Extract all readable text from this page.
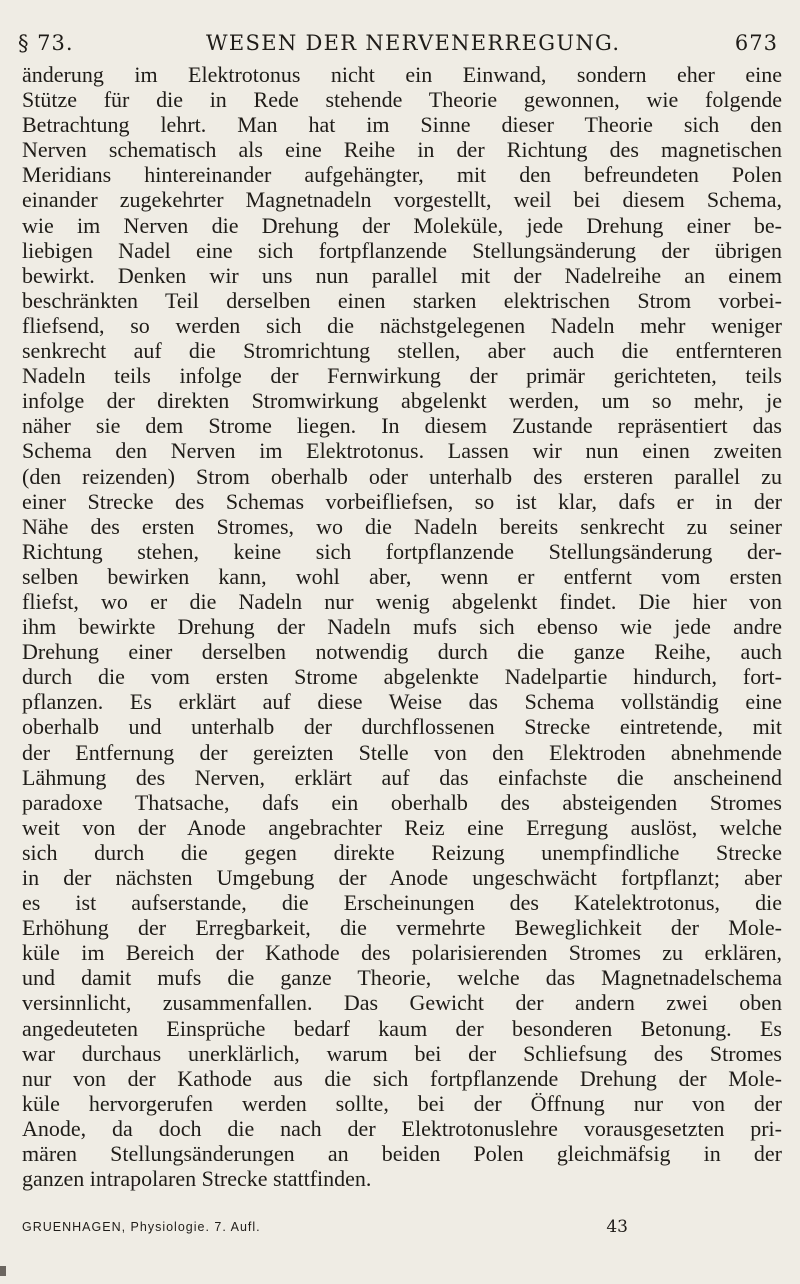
§ 73.	WESEN DER NERVENERREGUNG.	673
änderung im Elektrotonus nicht ein Einwand, sondern eher eine
Stütze für die in Rede stehende Theorie gewonnen, wie folgende
Betrachtung lehrt. Man hat im Sinne dieser Theorie sich den
Nerven schematisch als eine Reihe in der Richtung des magnetischen
Meridians hintereinander aufgehängter, mit den befreundeten Polen
einander zugekehrter Magnetnadeln vorgestellt, weil bei diesem Schema,
wie im Nerven die Drehung der Moleküle, jede Drehung einer be-
liebigen Nadel eine sich fortpflanzende Stellungsänderung der übrigen
bewirkt. Denken wir uns nun parallel mit der Nadelreihe an einem
beschränkten Teil derselben einen starken elektrischen Strom vorbei-
fliefsend, so werden sich die nächstgelegenen Nadeln mehr weniger
senkrecht auf die Stromrichtung stellen, aber auch die entfernteren
Nadeln teils infolge der Fernwirkung der primär gerichteten, teils
infolge der direkten Stromwirkung abgelenkt werden, um so mehr, je
näher sie dem Strome liegen. In diesem Zustande repräsentiert das
Schema den Nerven im Elektrotonus. Lassen wir nun einen zweiten
(den reizenden) Strom oberhalb oder unterhalb des ersteren parallel zu
einer Strecke des Schemas vorbeifliefsen, so ist klar, dafs er in der
Nähe des ersten Stromes, wo die Nadeln bereits senkrecht zu seiner
Richtung stehen, keine sich fortpflanzende Stellungsänderung der-
selben bewirken kann, wohl aber, wenn er entfernt vom ersten
fliefst, wo er die Nadeln nur wenig abgelenkt findet. Die hier von
ihm bewirkte Drehung der Nadeln mufs sich ebenso wie jede andre
Drehung einer derselben notwendig durch die ganze Reihe, auch
durch die vom ersten Strome abgelenkte Nadelpartie hindurch, fort-
pflanzen. Es erklärt auf diese Weise das Schema vollständig eine
oberhalb und unterhalb der durchflossenen Strecke eintretende, mit
der Entfernung der gereizten Stelle von den Elektroden abnehmende
Lähmung des Nerven, erklärt auf das einfachste die anscheinend
paradoxe Thatsache, dafs ein oberhalb des absteigenden Stromes
weit von der Anode angebrachter Reiz eine Erregung auslöst, welche
sich durch die gegen direkte Reizung unempfindliche Strecke
in der nächsten Umgebung der Anode ungeschwächt fortpflanzt; aber
es ist aufserstande, die Erscheinungen des Katelektrotonus, die
Erhöhung der Erregbarkeit, die vermehrte Beweglichkeit der Mole-
küle im Bereich der Kathode des polarisierenden Stromes zu erklären,
und damit mufs die ganze Theorie, welche das Magnetnadelschema
versinnlicht, zusammenfallen. Das Gewicht der andern zwei oben
angedeuteten Einsprüche bedarf kaum der besonderen Betonung. Es
war durchaus unerklärlich, warum bei der Schliefsung des Stromes
nur von der Kathode aus die sich fortpflanzende Drehung der Mole-
küle hervorgerufen werden sollte, bei der Öffnung nur von der
Anode, da doch die nach der Elektrotonuslehre vorausgesetzten pri-
mären Stellungsänderungen an beiden Polen gleichmäfsig in der
ganzen intrapolaren Strecke stattfinden.
GRUENHAGEN, Physiologie. 7. Aufl.	43
